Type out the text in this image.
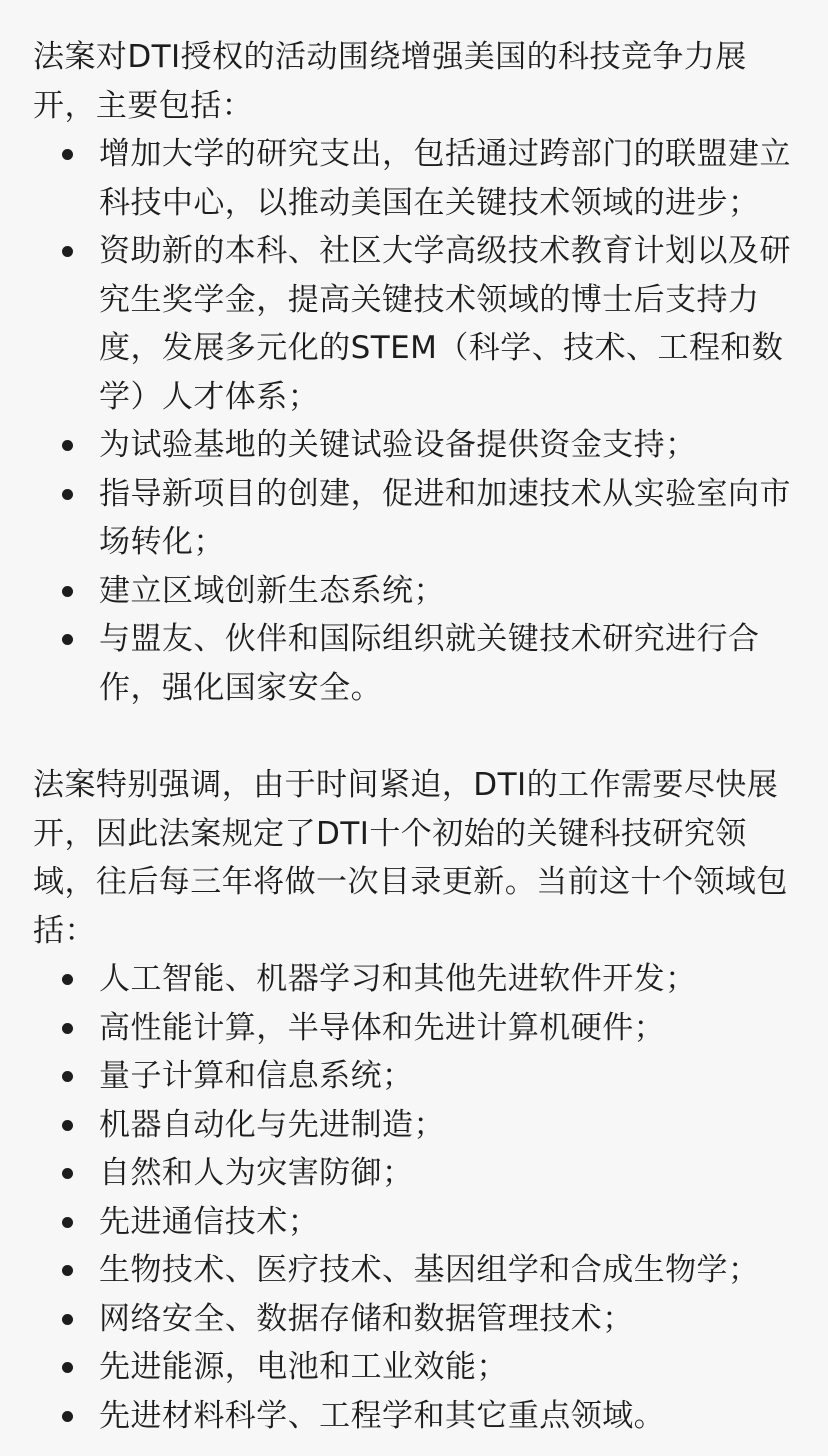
法案对DTI授权的活动围绕增强美国的科技竞争力展开，主要包括：

增加大学的研究支出，包括通过跨部门的联盟建立科技中心，以推动美国在关键技术领域的进步；
资助新的本科、社区大学高级技术教育计划以及研究生奖学金，提高关键技术领域的博士后支持力度，发展多元化的STEM（科学、技术、工程和数学）人才体系；
为试验基地的关键试验设备提供资金支持；
指导新项目的创建，促进和加速技术从实验室向市场转化；
建立区域创新生态系统；
与盟友、伙伴和国际组织就关键技术研究进行合作，强化国家安全。

法案特别强调，由于时间紧迫，DTI的工作需要尽快展开，因此法案规定了DTI十个初始的关键科技研究领域，往后每三年将做一次目录更新。当前这十个领域包括：

人工智能、机器学习和其他先进软件开发；
高性能计算，半导体和先进计算机硬件；
量子计算和信息系统；
机器自动化与先进制造；
自然和人为灾害防御；
先进通信技术；
生物技术、医疗技术、基因组学和合成生物学；
网络安全、数据存储和数据管理技术；
先进能源，电池和工业效能；
先进材料科学、工程学和其它重点领域。
